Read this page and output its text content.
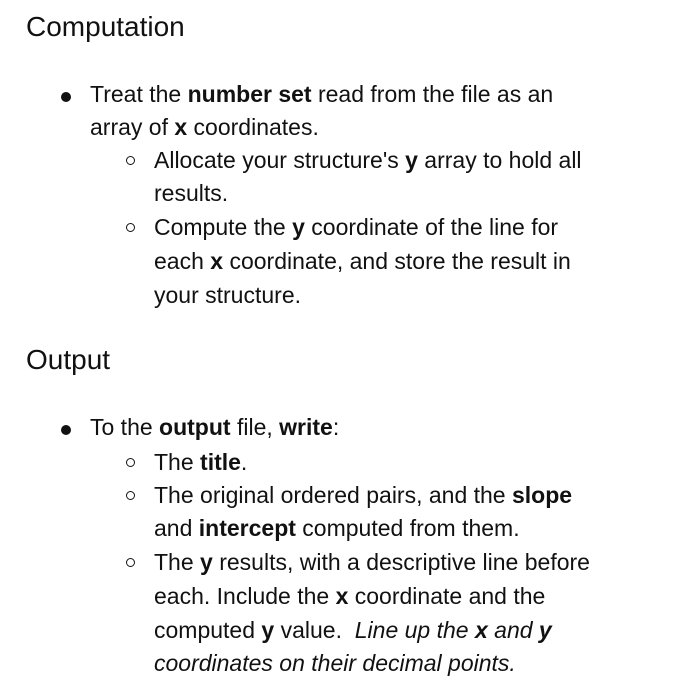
Computation
Treat the number set read from the file as an
array of x coordinates.
Allocate your structure's y array to hold all
results.
Compute the y coordinate of the line for
each x coordinate, and store the result in
your structure.
Output
To the output file, write:
The title.
The original ordered pairs, and the slope
and intercept computed from them.
The y results, with a descriptive line before
each. Include the x coordinate and the
computed y value.  Line up the x and y
coordinates on their decimal points.
